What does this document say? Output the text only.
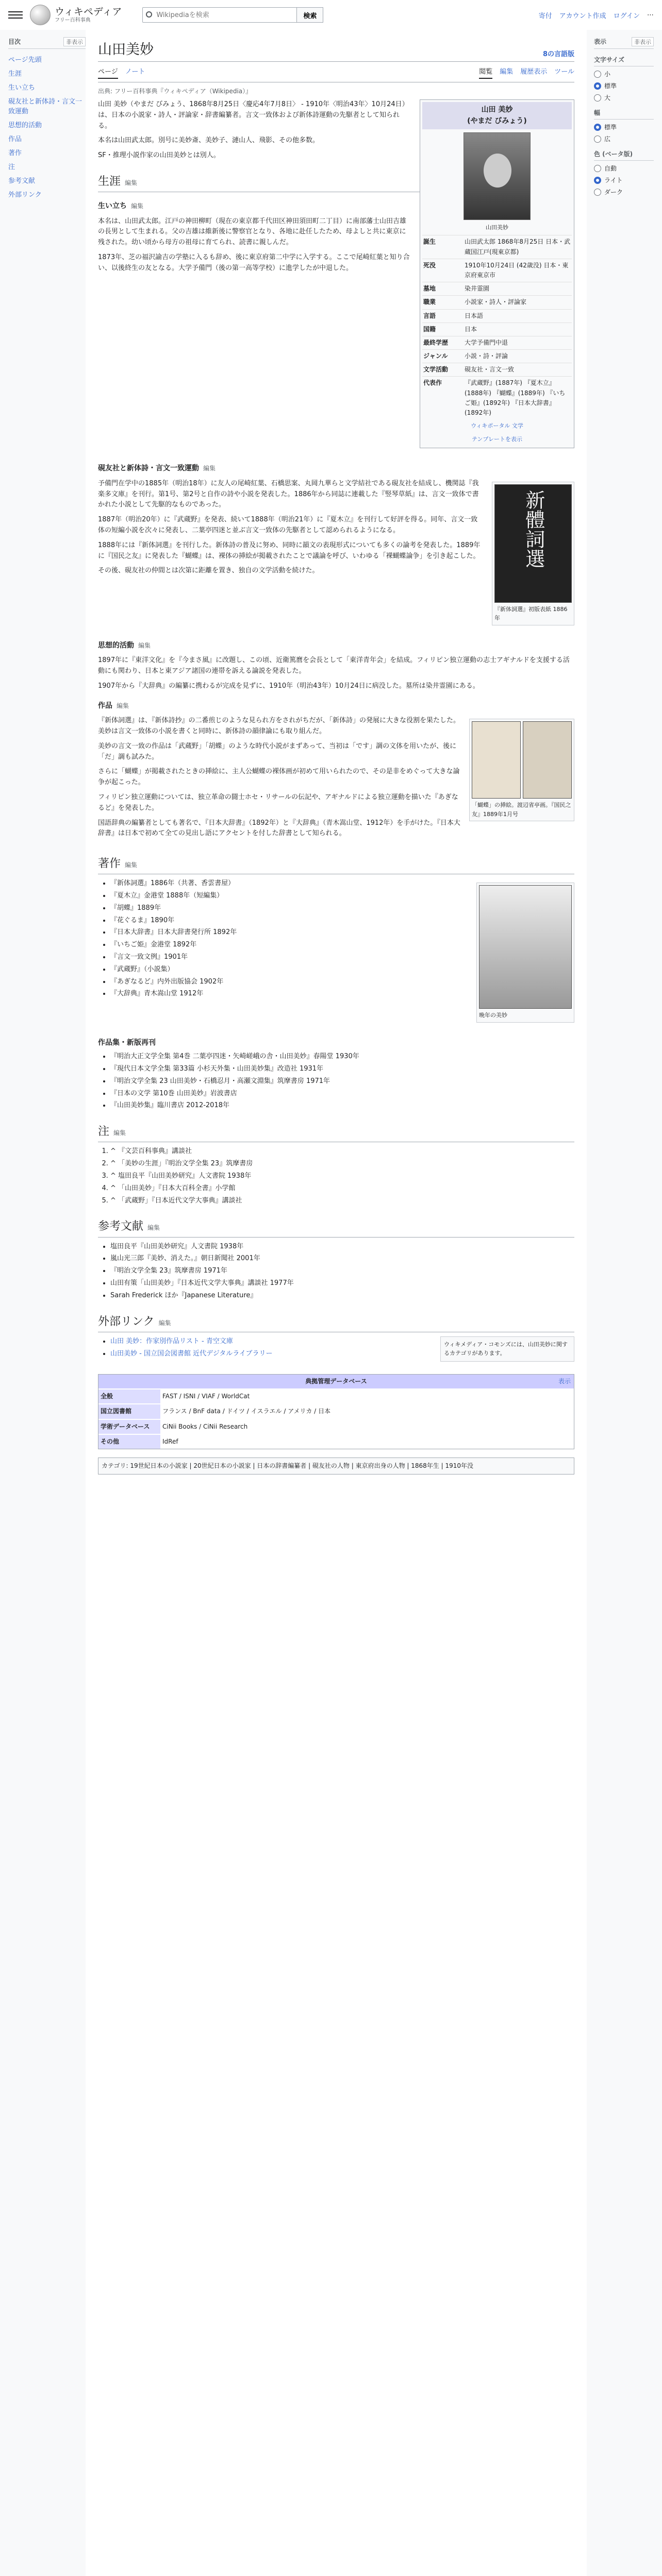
ウィキペディア
フリー百科事典
Wikipediaを検索
検索	寄付 アカウント作成 ログイン ⋯
目次	非表示
ページ先頭
生涯
生い立ち
硯友社と新体詩・言文一致運動
思想的活動
作品
著作
注
参考文献
外部リンク
山田美妙	8の言語版
ページ ノート	閲覧 編集 履歴表示 ツール
出典: フリー百科事典『ウィキペディア（Wikipedia）』
山田 美妙
(やまだ びみょう)
山田美妙
誕生	山田武太郎 1868年8月25日 日本・武蔵国江戸(現東京都)
死没	1910年10月24日 (42歳没) 日本・東京府東京市
墓地	染井霊園
職業	小説家・詩人・評論家
言語	日本語
国籍	日本
最終学歴	大学予備門中退
ジャンル	小説・詩・評論
文学活動	硯友社・言文一致
代表作	『武蔵野』(1887年) 『夏木立』(1888年) 『蝴蝶』(1889年) 『いちご姫』(1892年) 『日本大辞書』(1892年)
ウィキポータル 文学
テンプレートを表示

山田 美妙（やまだ びみょう、1868年8月25日〈慶応4年7月8日〉 - 1910年〈明治43年〉10月24日）は、日本の小説家・詩人・評論家・辞書編纂者。言文一致体および新体詩運動の先駆者として知られる。

本名は山田武太郎。別号に美妙斎、美妙子、漣山人、飛影、その他多数。

SF・推理小説作家の山田美妙とは別人。

生涯 編集
生い立ち 編集

本名は、山田武太郎。江戸の神田柳町（現在の東京都千代田区神田須田町二丁目）に南部藩士山田吉雄の長男として生まれる。父の吉雄は維新後に警察官となり、各地に赴任したため、母よしと共に東京に残された。幼い頃から母方の祖母に育てられ、読書に親しんだ。

1873年、芝の福沢諭吉の学塾に入るも辞め、後に東京府第二中学に入学する。ここで尾崎紅葉と知り合い、以後終生の友となる。大学予備門（後の第一高等学校）に進学したが中退した。

硯友社と新体詩・言文一致運動 編集
新體詞選
『新体詞選』初版表紙 1886年

予備門在学中の1885年（明治18年）に友人の尾崎紅葉、石橋思案、丸岡九華らと文学結社である硯友社を結成し、機関誌『我楽多文庫』を刊行。第1号、第2号と自作の詩や小説を発表した。1886年から同誌に連載した『竪琴草紙』は、言文一致体で書かれた小説として先駆的なものであった。

1887年（明治20年）に『武蔵野』を発表、続いて1888年（明治21年）に『夏木立』を刊行して好評を得る。同年、言文一致体の短編小説を次々に発表し、二葉亭四迷と並ぶ言文一致体の先駆者として認められるようになる。

1888年には『新体詞選』を刊行した。新体詩の普及に努め、同時に韻文の表現形式についても多くの論考を発表した。1889年に『国民之友』に発表した『蝴蝶』は、裸体の挿絵が掲載されたことで議論を呼び、いわゆる「裸蝴蝶論争」を引き起こした。

その後、硯友社の仲間とは次第に距離を置き、独自の文学活動を続けた。

思想的活動 編集

1897年に『東洋文化』を『今まさ風』に改題し、この頃、近衛篤麿を会長として「東洋青年会」を結成。フィリピン独立運動の志士アギナルドを支援する活動にも関わり、日本と東アジア諸国の連帯を訴える論説を発表した。

1907年から『大辞典』の編纂に携わるが完成を見ずに、1910年（明治43年）10月24日に病没した。墓所は染井霊園にある。

作品 編集
「蝴蝶」の挿絵。渡辺省亭画。『国民之友』1889年1月号

『新体詞選』は、『新体詩抄』の二番煎じのような見られ方をされがちだが、「新体詩」の発展に大きな役割を果たした。美妙は言文一致体の小説を書くと同時に、新体詩の韻律論にも取り組んだ。

美妙の言文一致の作品は「武蔵野」「胡蝶」のような時代小説がまずあって、当初は「です」調の文体を用いたが、後に「だ」調も試みた。

さらに「蝴蝶」が掲載されたときの挿絵に、主人公蝴蝶の裸体画が初めて用いられたので、その是非をめぐって大きな論争が起こった。

フィリピン独立運動については、独立革命の闘士ホセ・リサールの伝記や、アギナルドによる独立運動を描いた『あぎなるど』を発表した。

国語辞典の編纂者としても著名で、『日本大辞書』（1892年）と『大辞典』（青木嵩山堂、1912年）を手がけた。『日本大辞書』は日本で初めて全ての見出し語にアクセントを付した辞書として知られる。

著作 編集
晩年の美妙
• 『新体詞選』1886年（共著、香雲書屋）
• 『夏木立』金港堂 1888年（短編集）
• 『胡蝶』1889年
• 『花ぐるま』1890年
• 『日本大辞書』日本大辞書発行所 1892年
• 『いちご姫』金港堂 1892年
• 『言文一致文例』1901年
• 『武蔵野』（小説集）
• 『あぎなるど』内外出版協会 1902年
• 『大辞典』青木嵩山堂 1912年
作品集・新版再刊
• 『明治大正文学全集 第4巻 二葉亭四迷・矢崎嵯峨の舎・山田美妙』春陽堂 1930年
• 『現代日本文学全集 第33篇 小杉天外集・山田美妙集』改造社 1931年
• 『明治文学全集 23 山田美妙・石橋忍月・高瀬文淵集』筑摩書房 1971年
• 『日本の文学 第10巻 山田美妙』岩波書店
• 『山田美妙集』臨川書店 2012-2018年
注編集
1. ^ 『文芸百科事典』講談社
2. ^ 「美妙の生涯」『明治文学全集 23』筑摩書房
3. ^ 塩田良平『山田美妙研究』人文書院 1938年
4. ^ 「山田美妙」『日本大百科全書』小学館
5. ^ 「武蔵野」『日本近代文学大事典』講談社
参考文献 編集
• 塩田良平『山田美妙研究』人文書院 1938年
• 嵐山光三郎『美妙、消えた。』朝日新聞社 2001年
• 『明治文学全集 23』筑摩書房 1971年
• 山田有策「山田美妙」『日本近代文学大事典』講談社 1977年
• Sarah Frederick ほか『Japanese Literature』
外部リンク 編集
ウィキメディア・コモンズには、山田美妙に関するカテゴリがあります。
• 山田 美妙：作家別作品リスト - 青空文庫
• 山田美妙 - 国立国会図書館 近代デジタルライブラリー
典拠管理データベース	表示
全般	FAST / ISNI / VIAF / WorldCat
国立図書館	フランス / BnF data / ドイツ / イスラエル / アメリカ / 日本
学術データベース	CiNii Books / CiNii Research
その他	IdRef
カテゴリ: 19世紀日本の小説家 | 20世紀日本の小説家 | 日本の辞書編纂者 | 硯友社の人物 | 東京府出身の人物 | 1868年生 | 1910年没
表示	非表示
文字サイズ
小
標準
大
幅
標準
広
色 (ベータ版)
自動
ライト
ダーク
